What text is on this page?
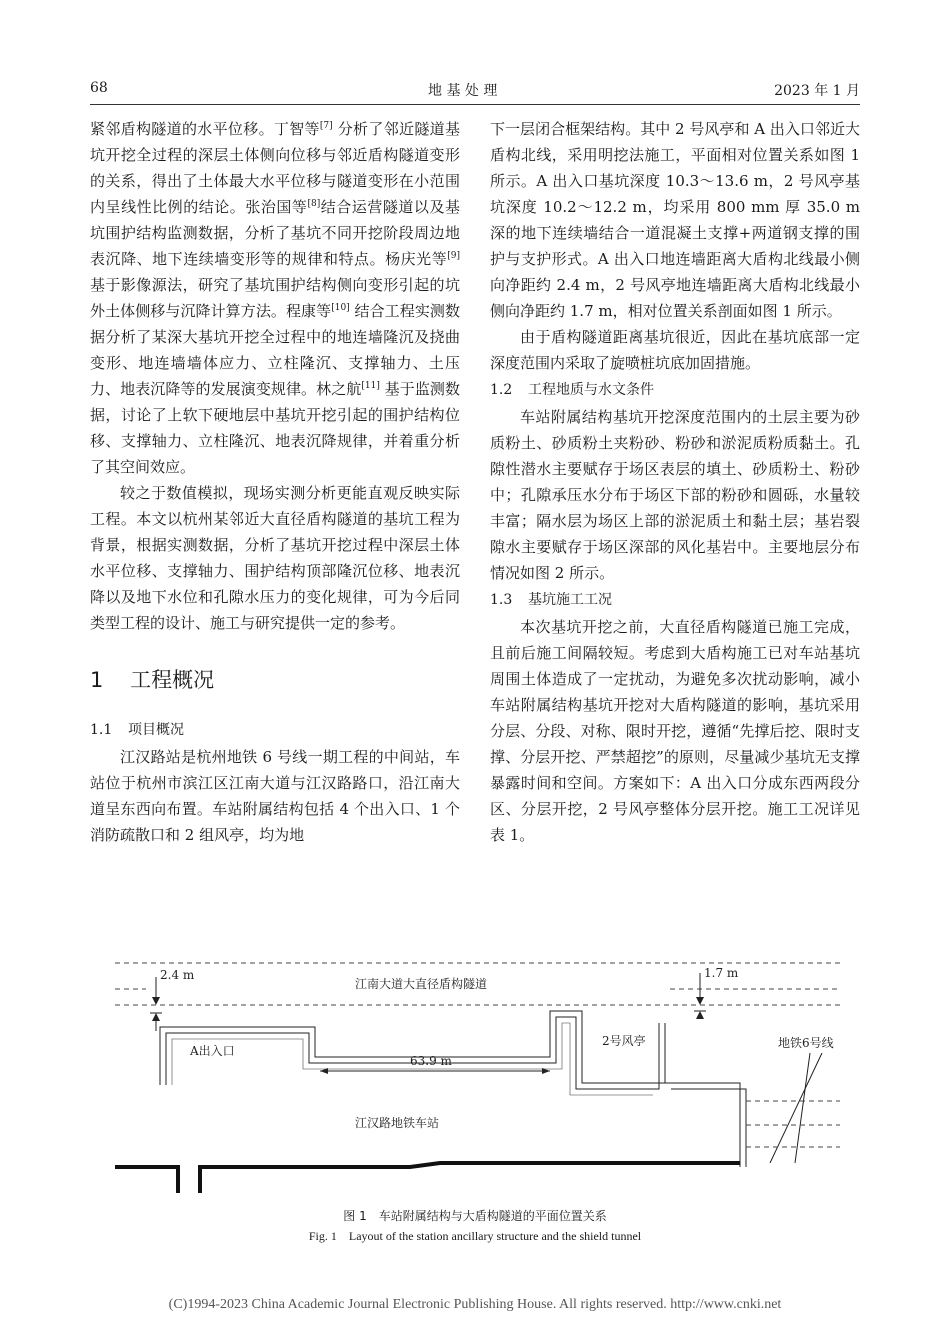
68	地 基 处 理	2023 年 1 月

紧邻盾构隧道的水平位移。丁智等[7] 分析了邻近隧道基坑开挖全过程的深层土体侧向位移与邻近盾构隧道变形的关系，得出了土体最大水平位移与隧道变形在小范围内呈线性比例的结论。张治国等[8]结合运营隧道以及基坑围护结构监测数据，分析了基坑不同开挖阶段周边地表沉降、地下连续墙变形等的规律和特点。杨庆光等[9] 基于影像源法，研究了基坑围护结构侧向变形引起的坑外土体侧移与沉降计算方法。程康等[10] 结合工程实测数据分析了某深大基坑开挖全过程中的地连墙隆沉及挠曲变形、地连墙墙体应力、立柱隆沉、支撑轴力、土压力、地表沉降等的发展演变规律。林之航[11] 基于监测数据，讨论了上软下硬地层中基坑开挖引起的围护结构位移、支撑轴力、立柱隆沉、地表沉降规律，并着重分析了其空间效应。

较之于数值模拟，现场实测分析更能直观反映实际工程。本文以杭州某邻近大直径盾构隧道的基坑工程为背景，根据实测数据，分析了基坑开挖过程中深层土体水平位移、支撑轴力、围护结构顶部隆沉位移、地表沉降以及地下水位和孔隙水压力的变化规律，可为今后同类型工程的设计、施工与研究提供一定的参考。

1 工程概况

1.1 项目概况

江汉路站是杭州地铁 6 号线一期工程的中间站，车站位于杭州市滨江区江南大道与江汉路路口，沿江南大道呈东西向布置。车站附属结构包括 4 个出入口、1 个消防疏散口和 2 组风亭，均为地

下一层闭合框架结构。其中 2 号风亭和 A 出入口邻近大盾构北线，采用明挖法施工，平面相对位置关系如图 1 所示。A 出入口基坑深度 10.3～13.6 m，2 号风亭基坑深度 10.2～12.2 m，均采用 800 mm 厚 35.0 m 深的地下连续墙结合一道混凝土支撑+两道钢支撑的围护与支护形式。A 出入口地连墙距离大盾构北线最小侧向净距约 2.4 m，2 号风亭地连墙距离大盾构北线最小侧向净距约 1.7 m，相对位置关系剖面如图 1 所示。

由于盾构隧道距离基坑很近，因此在基坑底部一定深度范围内采取了旋喷桩坑底加固措施。

1.2 工程地质与水文条件

车站附属结构基坑开挖深度范围内的土层主要为砂质粉土、砂质粉土夹粉砂、粉砂和淤泥质粉质黏土。孔隙性潜水主要赋存于场区表层的填土、砂质粉土、粉砂中；孔隙承压水分布于场区下部的粉砂和圆砾，水量较丰富；隔水层为场区上部的淤泥质土和黏土层；基岩裂隙水主要赋存于场区深部的风化基岩中。主要地层分布情况如图 2 所示。

1.3 基坑施工工况

本次基坑开挖之前，大直径盾构隧道已施工完成，且前后施工间隔较短。考虑到大盾构施工已对车站基坑周围土体造成了一定扰动，为避免多次扰动影响，减小车站附属结构基坑开挖对大盾构隧道的影响，基坑采用分层、分段、对称、限时开挖，遵循“先撑后挖、限时支撑、分层开挖、严禁超挖”的原则，尽量减少基坑无支撑暴露时间和空间。方案如下：A 出入口分成东西两段分区、分层开挖，2 号风亭整体分层开挖。施工工况详见表 1。

江南大道大直径盾构隧道
2.4 m	1.7 m
A出入口
63.9 m
2号风亭	地铁6号线
江汉路地铁车站
图 1　车站附属结构与大盾构隧道的平面位置关系
Fig. 1　Layout of the station ancillary structure and the shield tunnel
(C)1994-2023 China Academic Journal Electronic Publishing House. All rights reserved. http://www.cnki.net
